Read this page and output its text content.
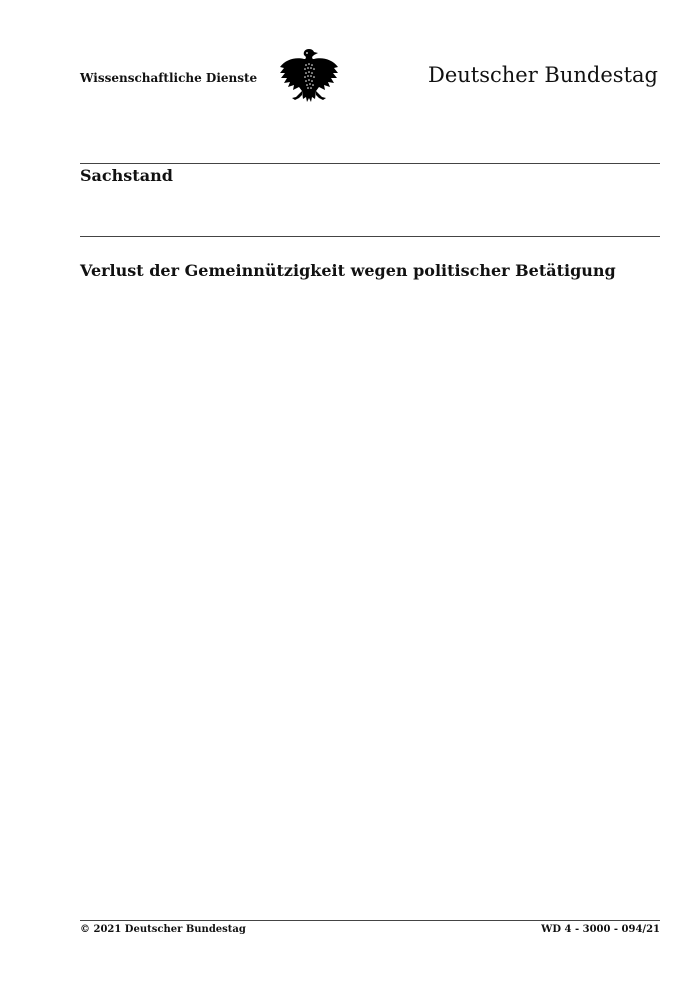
Wissenschaftliche Dienste	Deutscher Bundestag
Sachstand
Verlust der Gemeinnützigkeit wegen politischer Betätigung
© 2021 Deutscher Bundestag	WD 4 - 3000 - 094/21
